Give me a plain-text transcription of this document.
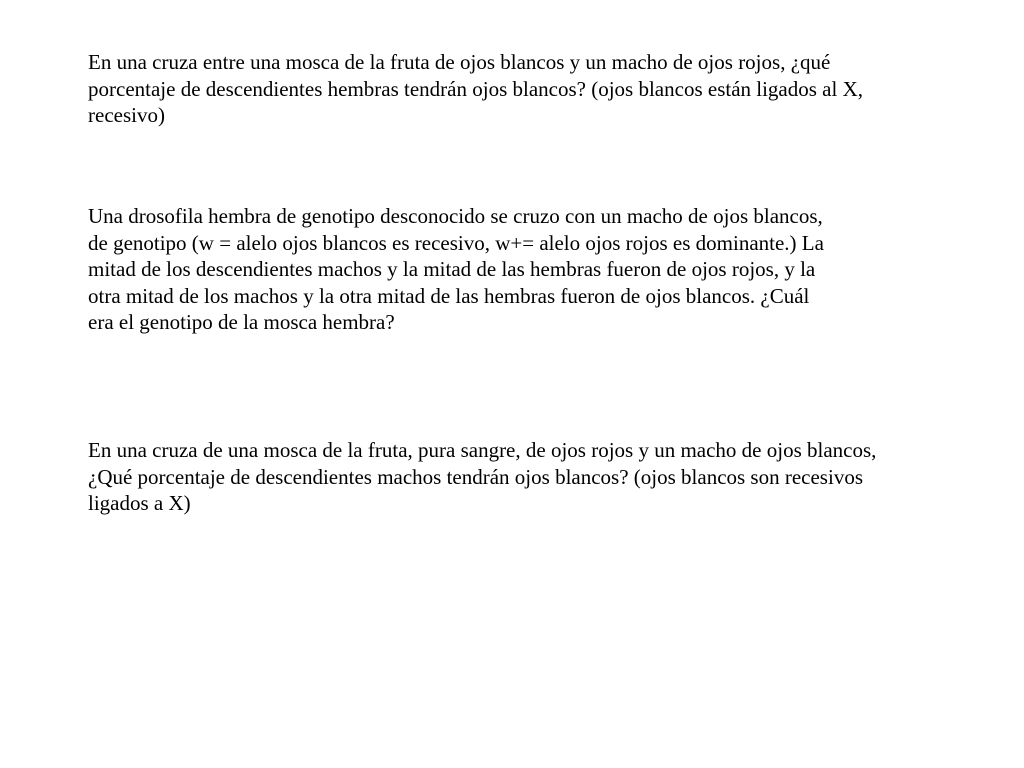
En una cruza entre una mosca de la fruta de ojos blancos y un macho de ojos rojos, ¿qué
porcentaje de descendientes hembras tendrán ojos blancos? (ojos blancos están ligados al X,
recesivo)

Una drosofila hembra de genotipo desconocido se cruzo con un macho de ojos blancos,
de genotipo (w = alelo ojos blancos es recesivo, w+= alelo ojos rojos es dominante.) La
mitad de los descendientes machos y la mitad de las hembras fueron de ojos rojos, y la
otra mitad de los machos y la otra mitad de las hembras fueron de ojos blancos. ¿Cuál
era el genotipo de la mosca hembra?

En una cruza de una mosca de la fruta, pura sangre, de ojos rojos y un macho de ojos blancos,
¿Qué porcentaje de descendientes machos tendrán ojos blancos? (ojos blancos son recesivos
ligados a X)
